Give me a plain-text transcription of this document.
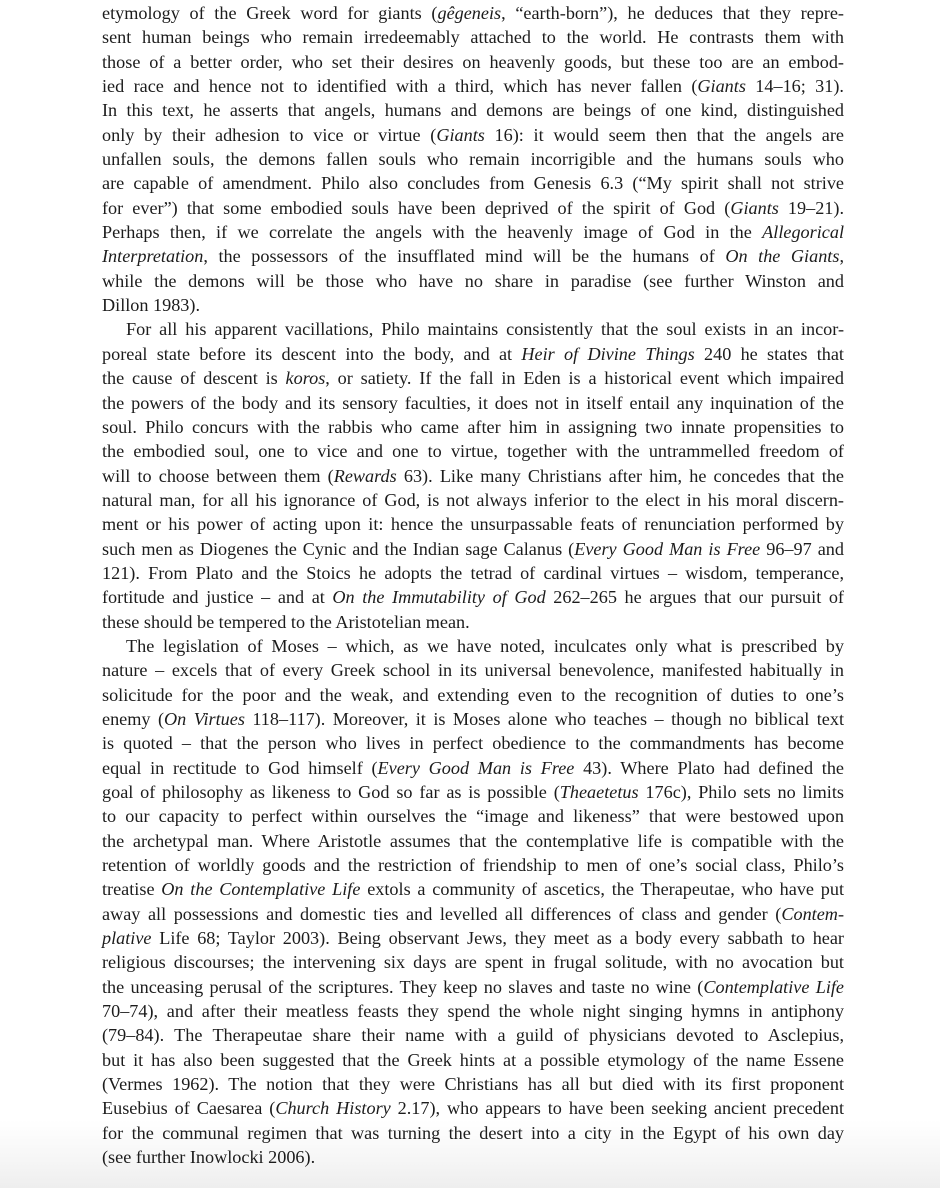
etymology of the Greek word for giants (gêgeneis, “earth-born”), he deduces that they repre-
sent human beings who remain irredeemably attached to the world. He contrasts them with
those of a better order, who set their desires on heavenly goods, but these too are an embod-
ied race and hence not to identified with a third, which has never fallen (Giants 14–16; 31).
In this text, he asserts that angels, humans and demons are beings of one kind, distinguished
only by their adhesion to vice or virtue (Giants 16): it would seem then that the angels are
unfallen souls, the demons fallen souls who remain incorrigible and the humans souls who
are capable of amendment. Philo also concludes from Genesis 6.3 (“My spirit shall not strive
for ever”) that some embodied souls have been deprived of the spirit of God (Giants 19–21).
Perhaps then, if we correlate the angels with the heavenly image of God in the Allegorical
Interpretation, the possessors of the insufflated mind will be the humans of On the Giants,
while the demons will be those who have no share in paradise (see further Winston and
Dillon 1983).
For all his apparent vacillations, Philo maintains consistently that the soul exists in an incor-
poreal state before its descent into the body, and at Heir of Divine Things 240 he states that
the cause of descent is koros, or satiety. If the fall in Eden is a historical event which impaired
the powers of the body and its sensory faculties, it does not in itself entail any inquination of the
soul. Philo concurs with the rabbis who came after him in assigning two innate propensities to
the embodied soul, one to vice and one to virtue, together with the untrammelled freedom of
will to choose between them (Rewards 63). Like many Christians after him, he concedes that the
natural man, for all his ignorance of God, is not always inferior to the elect in his moral discern-
ment or his power of acting upon it: hence the unsurpassable feats of renunciation performed by
such men as Diogenes the Cynic and the Indian sage Calanus (Every Good Man is Free 96–97 and
121). From Plato and the Stoics he adopts the tetrad of cardinal virtues – wisdom, temperance,
fortitude and justice – and at On the Immutability of God 262–265 he argues that our pursuit of
these should be tempered to the Aristotelian mean.
The legislation of Moses – which, as we have noted, inculcates only what is prescribed by
nature – excels that of every Greek school in its universal benevolence, manifested habitually in
solicitude for the poor and the weak, and extending even to the recognition of duties to one’s
enemy (On Virtues 118–117). Moreover, it is Moses alone who teaches – though no biblical text
is quoted – that the person who lives in perfect obedience to the commandments has become
equal in rectitude to God himself (Every Good Man is Free 43). Where Plato had defined the
goal of philosophy as likeness to God so far as is possible (Theaetetus 176c), Philo sets no limits
to our capacity to perfect within ourselves the “image and likeness” that were bestowed upon
the archetypal man. Where Aristotle assumes that the contemplative life is compatible with the
retention of worldly goods and the restriction of friendship to men of one’s social class, Philo’s
treatise On the Contemplative Life extols a community of ascetics, the Therapeutae, who have put
away all possessions and domestic ties and levelled all differences of class and gender (Contem-
plative Life 68; Taylor 2003). Being observant Jews, they meet as a body every sabbath to hear
religious discourses; the intervening six days are spent in frugal solitude, with no avocation but
the unceasing perusal of the scriptures. They keep no slaves and taste no wine (Contemplative Life
70–74), and after their meatless feasts they spend the whole night singing hymns in antiphony
(79–84). The Therapeutae share their name with a guild of physicians devoted to Asclepius,
but it has also been suggested that the Greek hints at a possible etymology of the name Essene
(Vermes 1962). The notion that they were Christians has all but died with its first proponent
Eusebius of Caesarea (Church History 2.17), who appears to have been seeking ancient precedent
for the communal regimen that was turning the desert into a city in the Egypt of his own day
(see further Inowlocki 2006).
